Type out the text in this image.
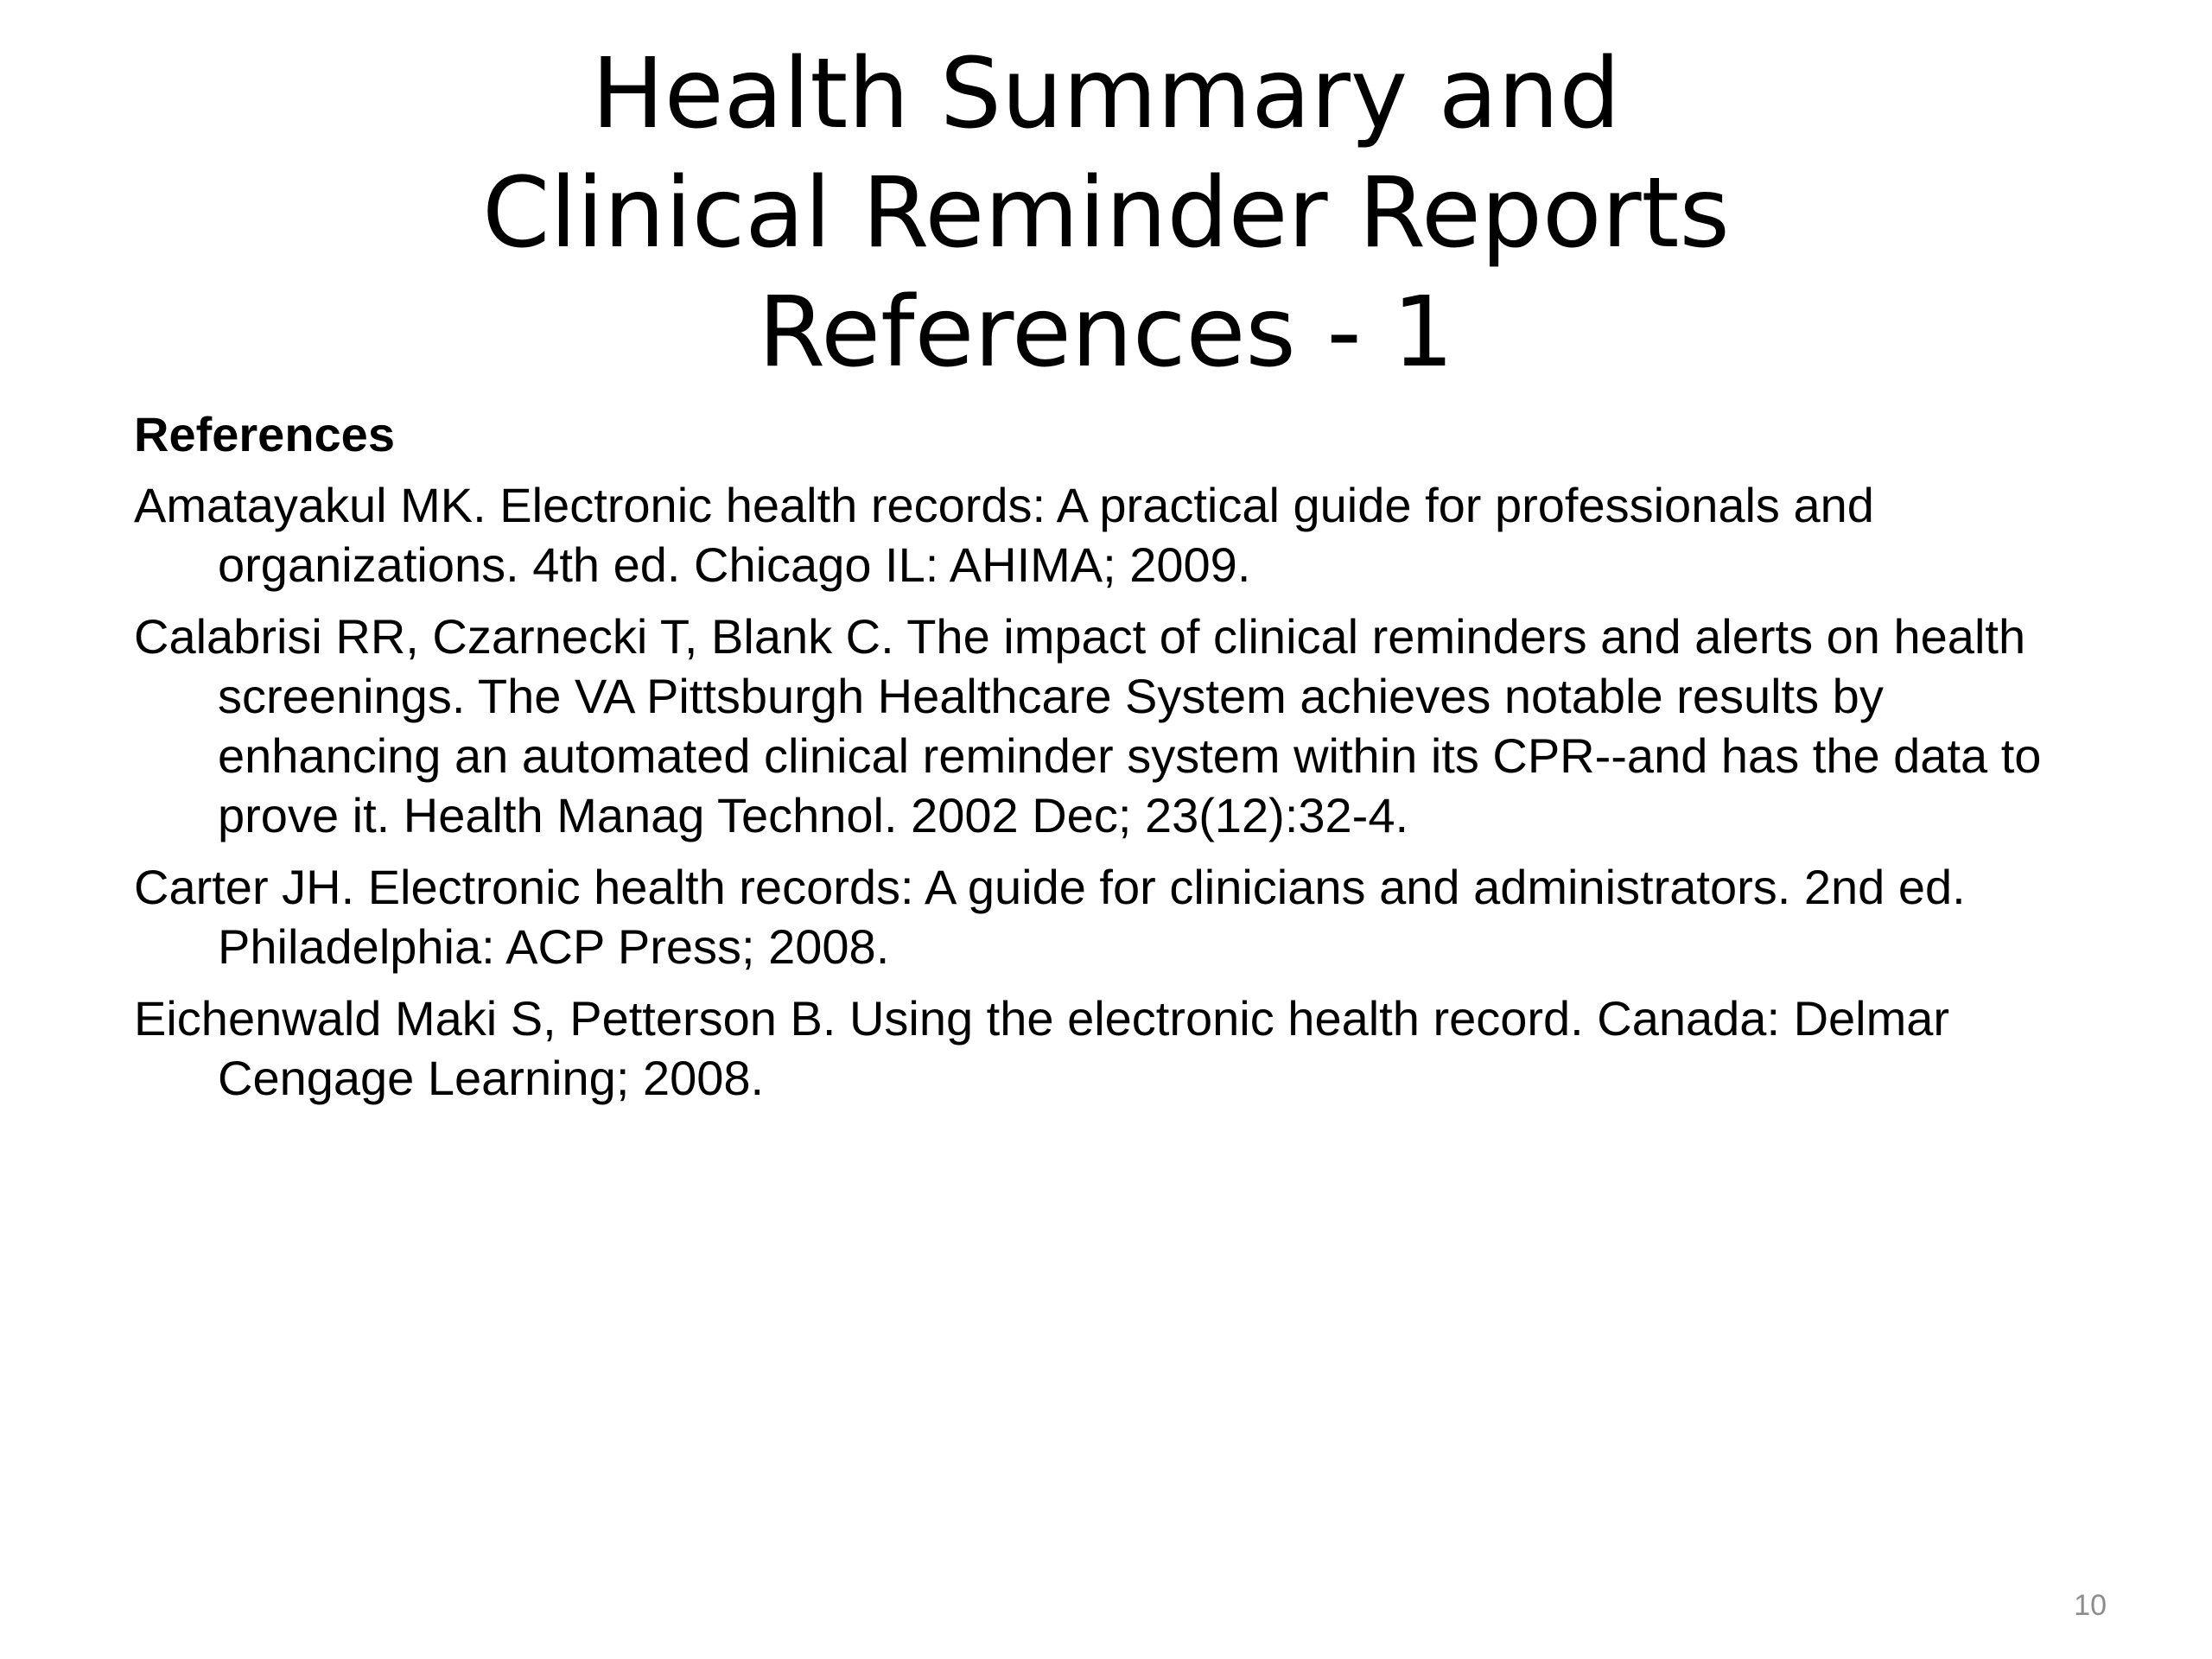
Health Summary and
Clinical Reminder Reports
References - 1
References
Amatayakul MK. Electronic health records: A practical guide for professionals and organizations. 4th ed. Chicago IL: AHIMA; 2009.
Calabrisi RR, Czarnecki T, Blank C. The impact of clinical reminders and alerts on health screenings. The VA Pittsburgh Healthcare System achieves notable results by enhancing an automated clinical reminder system within its CPR--and has the data to prove it. Health Manag Technol. 2002 Dec; 23(12):32-4.
Carter JH. Electronic health records: A guide for clinicians and administrators. 2nd ed. Philadelphia: ACP Press; 2008.
Eichenwald Maki S, Petterson B. Using the electronic health record. Canada: Delmar Cengage Learning; 2008.
10
